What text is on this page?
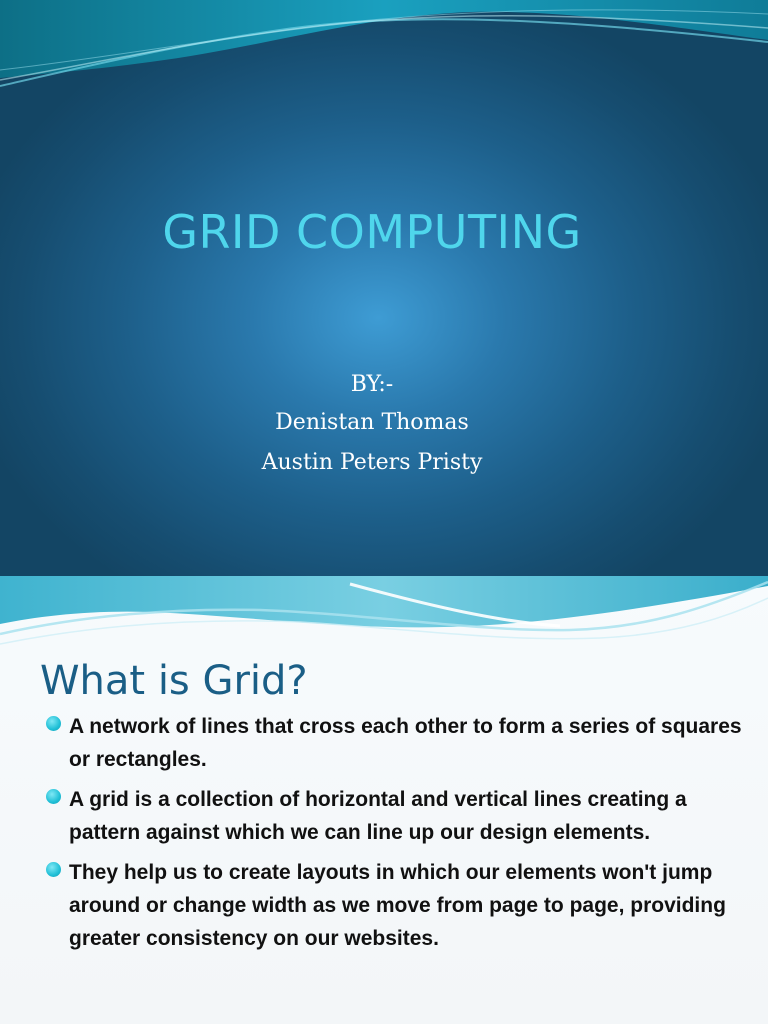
GRID COMPUTING
BY:-
Denistan Thomas
Austin Peters Pristy
What is Grid?
A network of lines that cross each other to form a series of squares or rectangles.
A grid is a collection of horizontal and vertical lines creating a pattern against which we can line up our design elements.
They help us to create layouts in which our elements won't jump around or change width as we move from page to page, providing greater consistency on our websites.
